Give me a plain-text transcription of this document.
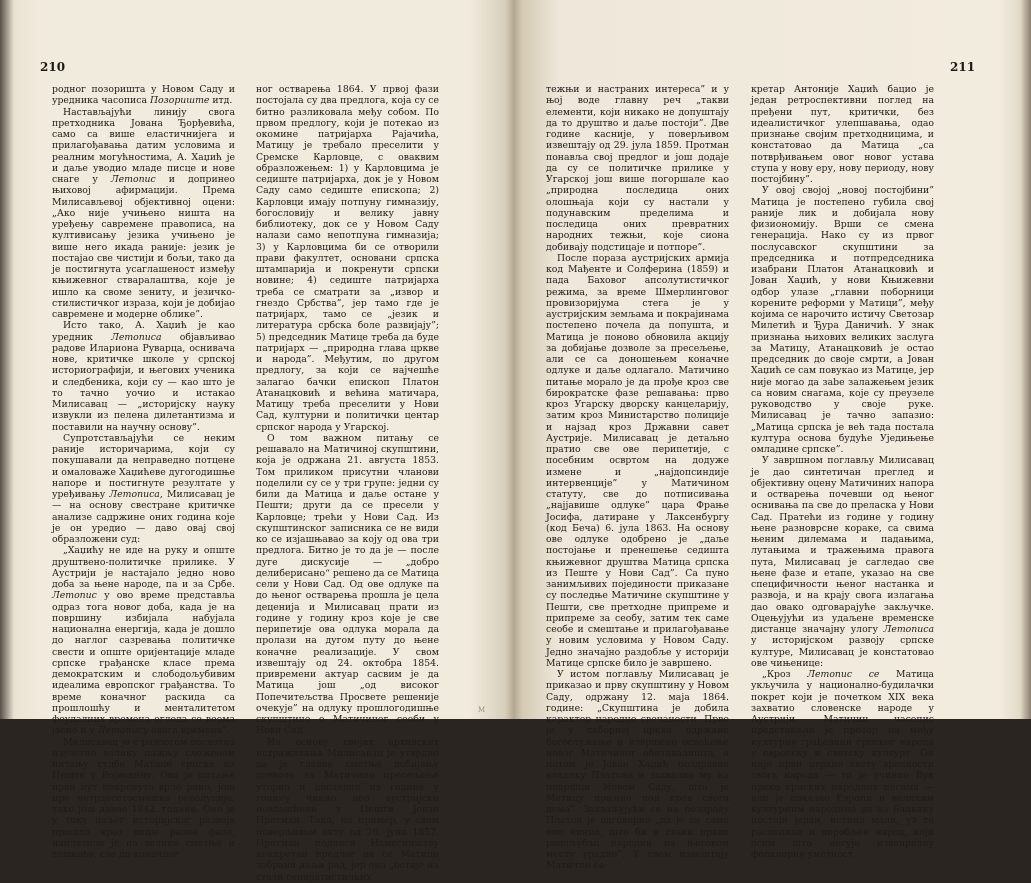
210	211

родног позоришта у Новом Саду и уредника часописа Позориште итд.

Настављајући линију свога претходника Јована Ђорђевића, само са више еластичнијега и прилагођавања датим условима и реалним могућностима, А. Хаџић је и даље уводио младе писце и нове снаге у Летопис и допринео њиховој афирмацији. Према Милисављевој објективној оцени: „Ако није учињено ништа на уређењу савремене правописа, на култивисању језика учињено је више него икада раније: језик је постајао све чистији и бољи, тако да је постигнута усаглашеност између књижевног стваралаштва, које је ишло ка своме зениту, и језичко-стилистичког израза, који је добијао савремене и модерне облике”.

Исто тако, А. Хаџић је као уредник Летописа објављивао радове Илариона Руварца, оснивача нове, критичке школе у српској историографији, и његових ученика и следбеника, који су — као што је то тачно уочио и истакао Милисавац — „историјску науку извукли из пелена дилетантизма и поставили на научну основу”.

Супротстављајући се неким раније историчарима, који су покушавали да неправедно потцене и омаловаже Хаџићеве дугогодишње напоре и постигнуте резултате у уређивању Летописа, Милисавац је — на основу свестране критичке анализе садржине оних година које је он уредио — даво овај свој образложени суд:

„Хаџићу не иде на руку и опште друштвено-политичке прилике. У Аустрији је настајало једно ново доба за њене народе, па и за Србе. Летопис у ово време представља одраз тога новог доба, када је на површину избијала набујала национална енергија, када је дошло до наглог сазревања политичке свести и опште оријентације младе српске грађанске класе према демократским и слободољубивим идеалима европског грађанства. То време коначног раскида са прошлошћу и менталитетом феудалних времена огледа се веома јасно и у Летопису овога времена”.

Милисавац је с разлогом посветио изузетно велику пажњу сложеном питању судбе Матице српске из Пеште у Војводину. Ово је питање први пут покренуто врло рано, још пре четрдесетосмашке револуције, тако још давне 1842. године. Оно је у току даљег историјског развоја прошло кроз више разне фазе, наилазило је на велике сметње и тешкоће, све до коначног

ног остварења 1864. У првој фази постојала су два предлога, која су се битно разликовала међу собом. По првом предлогу, који је потекао из окомине патријарха Рајачића, Матицу је требало преселити у Сремске Карловце, с оваквим образложењем: 1) у Карловцима је седиште патријарха, док је у Новом Саду само седиште епископа; 2) Карловци имају потпуну гимназију, богословију и велику јавну библиотеку, док се у Новом Саду налази само непотпуна гимназија; 3) у Карловцима би се отворили прави факултет, основани српска штампарија и покренути српски новине; 4) седиште патријарха треба се сматрати за „извор и гнездо Србства”, јер тамо где је патријарх, тамо се „језик и литература србска боле развијају”; 5) председник Матице треба да буде патријарх — „природна глава цркве и народа”. Међутим, по другом предлогу, за који се најчешће залагао бачки епископ Платон Атанацковић и већина матичара, Матицу треба преселити у Нови Сад, културни и политички центар српског народа у Угарској.

О том важном питању се решавало на Матичиној скупштини, која је одржана 21. августа 1853. Том приликом присутни чланови поделили су се у три групе: једни су били да Матица и даље остане у Пешти; други да се пресели у Карловце; трећи у Нови Сад. Из скупштинског записника се не види ко се изјашњавао за коју од ова три предлога. Битно је то да је — после дуге дискусије — „добро делиберисано“ решено да се Матица сели у Нови Сад. Од ове одлуке па до њеног остварења прошла је цела деценија и Милисавац прати из године у годину кроз које је све перипетије ова одлука морала да пролази на дугом путу до њене коначне реализације. У свом извештају од 24. октобра 1854. привремени актуар сасвим је да Матица још „од високог Попечитељства Просвете решеније очекује” на одлуку прошлогодишње скупштине о Матичиног сеоби у Нови Сад.

На основу својих архивских истраживања Милисавац је утврдио да је главне сметње добијању дозволе за Матичино пресељење уторио и доследно из године у годину чинио цео аустријски повлашћени у Пешти Јован Протман. Тако, на пример, у свом поверљивом акту од 26. јуна 1857. Протман подноси Намесништву конкретан предлог да се Матици забрани даљи рад, јер она „остаје на стази сепаратистичких

тежњи и настраних интереса” и у њој воде главну реч „такви елементи, који никако не допуштају да то друштво и даље постоји”. Две године касније, у поверљивом извештају од 29. јула 1859. Протман понавља свој предлог и још додаје да су се политичке прилике у Угарској још више погоршале као „природна последица оних олошњаја који су настали у подунавским пределима и последица оних превратних народних тежњи, које сиона добивају подстицаје и потпоре”.

После пораза аустријских армија код Мађенте и Солферина (1859) и пада Баховог апсолутистичког режима, за време Шмерлинговог провизоријума стега је у аустријским земљама и покрајинама постепено почела да попушта, и Матица је поново обновила акцију за добијање дозволе за пресељење, али се са доношењем коначне одлуке и даље одлагало. Матичино питање морало је да прође кроз све бирократске фазе решавања: прво кроз Угарску дворску канцеларију, затим кроз Министарство полиције и најзад кроз Државни савет Аустрије. Милисавац је детаљно пратио све ове перипетије, с посебним освртом на додуже измене и „најдопсиндије интервенције” у Матичином статуту, све до потписивања „најјавише одлуке” цара Фрање Јосифа, датиране у Лаксенбургу (код Беча) 6. јула 1863. На основу ове одлуке одобрено је „даље постојање и пренешење седишта књижевног друштва Матица српска из Пеште у Нови Сад”. Са пуно занимљивих појединости приказане су последње Матичине скупштине у Пешти, све претходне припреме и припреме за сеобу, затим тек саме сеобе и смештање и прилагођавање у новим условима у Новом Саду. Једно значајно раздобље у историји Матице српске било је завршено.

У истом поглављу Милисавац је приказао и прву скупштину у Новом Саду, одржану 12. маја 1864. године: „Скупштина је добила карактер народне свечаности. Прво је у саборној цркви одржано богослужење и извршено освећење новог Матичиног обитавалишта, а потом је Јован Хаџић поздравио владику Платона и захвалио му на подршци Новом Саду, што је Матицу примио под кров свога дома”. Захваљујући се на поздраву Платон је одговорио „да је он само оно чинио, што би и сваки прави родољубац народни на његовом месту урадио”. У свом извештају Матичин се-

кретар Антоније Хаџић бацио је један ретроспективни поглед на пређени пут, критички, без идеалистичког улепшавања, одао признање својим претходницима, и констатовао да Матица „са потврђивањем овог новог устава ступа у нову еру, нову периоду, нову постојбину”.

У овој својој „новој постојбини” Матица је постепено губила свој раније лик и добијала нову физиономију. Врши се смена генерација. Нако су из првог послусавског скупштини за председника и потпредседника изабрани Платон Атанацковић и Јован Хаџић, у нови Књижевни одбор улазе „главни поборници корените реформи у Матици”, међу којима се нарочито истичу Светозар Милетић и Ђура Даничић. У знак признања њихових великих заслуга за Матицу, Атанацковић је остао председник до своје смрти, а Јован Хаџић се сам повукао из Матице, јер није могао да заbe залажењем језик са новим снагама, које су преузеле руководство у своје руке. Милисавац је тачно запазио: „Матица српска је већ тада постала култура основа будуће Уједињење омладине српске”.

У завршном поглављу Милисавац је дао синтетичан преглед и објективну оцену Матичиних напора и остварења почевши од њеног оснивања па све до преласка у Нови Сад. Пратећи из године у годину њене разноврсне кораке, са свима њеним дилемама и падањима, лутањима и тражењима правога пута, Милисавац је сагледао све њене фазе и етапе, указао на све специфичности њеног настанка и развоја, и на крају свога излагања дао овако одговарајуће закључке. Оцењујући из удаљене временске дистанце значајну улогу Летописа у историјском развоју српске културе, Милисавац је констатовао ове чињенице:

„Кроз Летопис се Матица укључила у национално-будилачки покрет који је почетком XIX века захватио словенске народе у Аустрији. Матичин часопис представљао је прозор на међу културну грађевини српског народа у европску и светску културу. Он није први отркио свету вредности свога народа — то је учинио Вук преко српских народних песама — али је показао Европи и великим културним народима да на Балкану постоји један, истина мали, уз то расцепкан и поробљен народ, који осим што негује изванредну фолклорну уметност

M
